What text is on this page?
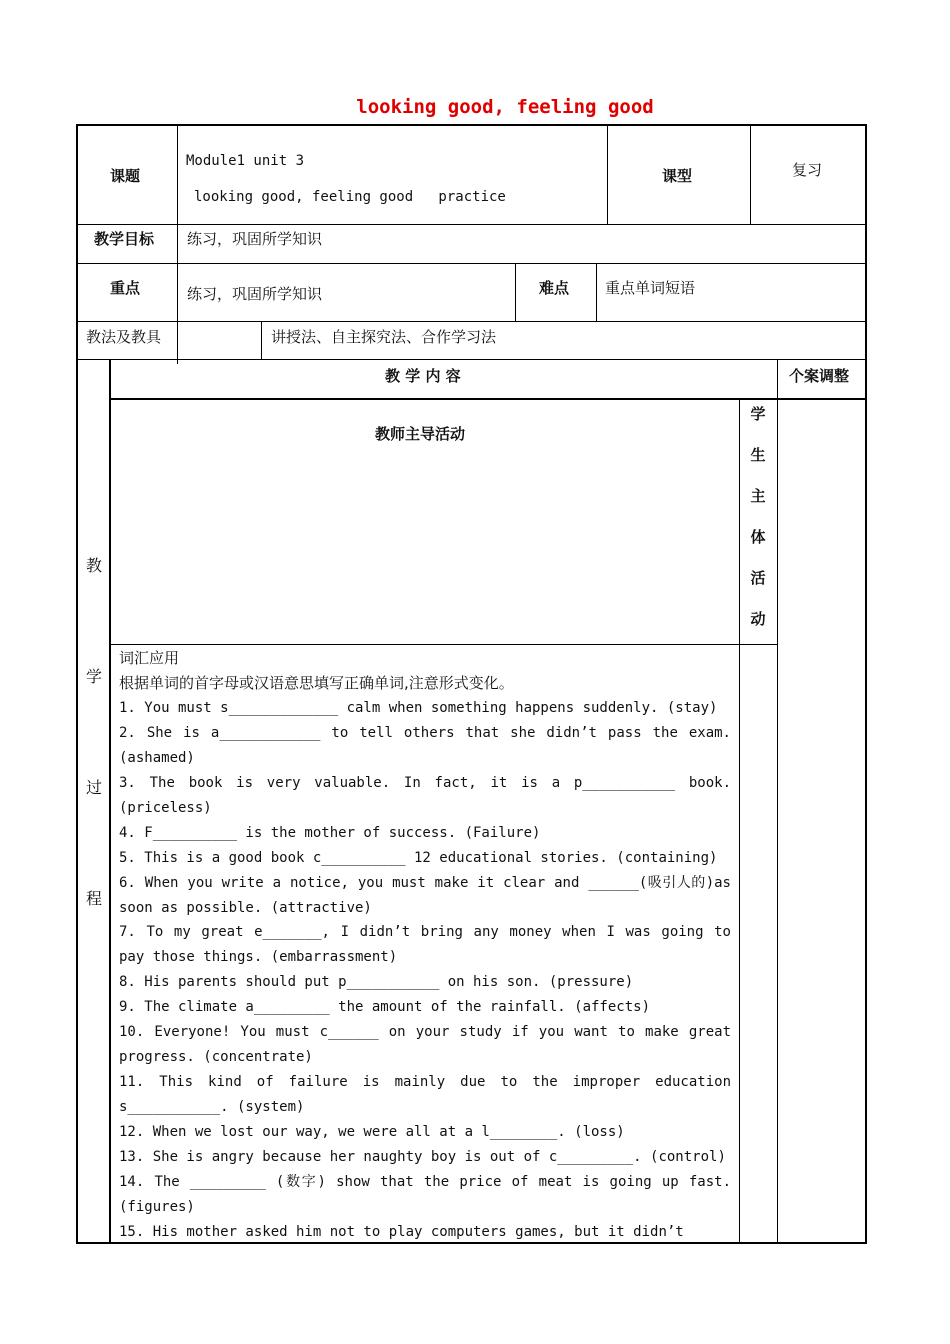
looking good, feeling good
课题
Module1 unit 3
looking good, feeling good   practice
课型	复习
教学目标 练习，巩固所学知识
重点	练习，巩固所学知识	难点 重点单词短语
教法及教具	讲授法、自主探究法、合作学习法
教
学
过
程
教 学 内 容	个案调整
教师主导活动
学
生
主
体
活
动

词汇应用

根据单词的首字母或汉语意思填写正确单词,注意形式变化。

1. You must s_____________ calm when something happens suddenly. (stay)

2. She is a____________ to tell others that she didn’t pass the exam. (ashamed)

3. The book is very valuable. In fact, it is a p___________ book. (priceless)

4. F__________ is the mother of success. (Failure)

5. This is a good book c__________ 12 educational stories. (containing)

6. When you write a notice, you must make it clear and ______(吸引人的)as soon as possible. (attractive)

7. To my great e_______, I didn’t bring any money when I was going to pay those things. (embarrassment)

8. His parents should put p___________ on his son. (pressure)

9. The climate a_________ the amount of the rainfall. (affects)

10. Everyone! You must c______ on your study if you want to make great progress. (concentrate)

11. This kind of failure is mainly due to the improper education s___________. (system)

12. When we lost our way, we were all at a l________. (loss)

13. She is angry because her naughty boy is out of c_________. (control)

14. The _________ (数字) show that the price of meat is going up fast. (figures)

15. His mother asked him not to play computers games, but it didn’t
